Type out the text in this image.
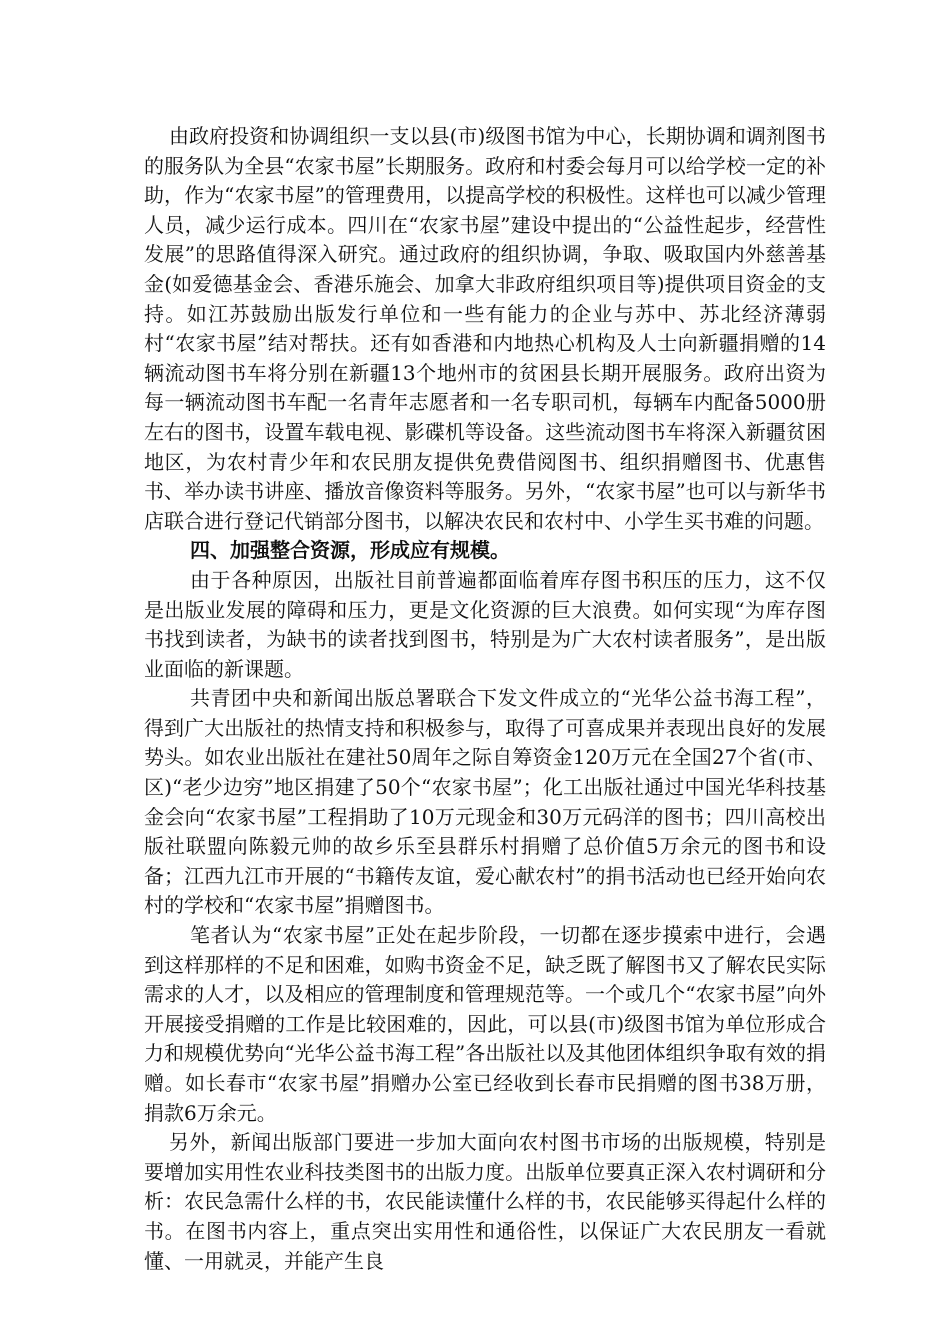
由政府投资和协调组织一支以县(市)级图书馆为中心，长期协调和调剂图书的服务队为全县“农家书屋”长期服务。政府和村委会每月可以给学校一定的补助，作为“农家书屋”的管理费用，以提高学校的积极性。这样也可以减少管理人员，减少运行成本。四川在“农家书屋”建设中提出的“公益性起步，经营性发展”的思路值得深入研究。通过政府的组织协调，争取、吸取国内外慈善基金(如爱德基金会、香港乐施会、加拿大非政府组织项目等)提供项目资金的支持。如江苏鼓励出版发行单位和一些有能力的企业与苏中、苏北经济薄弱村“农家书屋”结对帮扶。还有如香港和内地热心机构及人士向新疆捐赠的14辆流动图书车将分别在新疆13个地州市的贫困县长期开展服务。政府出资为每一辆流动图书车配一名青年志愿者和一名专职司机，每辆车内配备5000册左右的图书，设置车载电视、影碟机等设备。这些流动图书车将深入新疆贫困地区，为农村青少年和农民朋友提供免费借阅图书、组织捐赠图书、优惠售书、举办读书讲座、播放音像资料等服务。另外，“农家书屋”也可以与新华书店联合进行登记代销部分图书，以解决农民和农村中、小学生买书难的问题。

四、加强整合资源，形成应有规模。

由于各种原因，出版社目前普遍都面临着库存图书积压的压力，这不仅是出版业发展的障碍和压力，更是文化资源的巨大浪费。如何实现“为库存图书找到读者，为缺书的读者找到图书，特别是为广大农村读者服务”，是出版业面临的新课题。

共青团中央和新闻出版总署联合下发文件成立的“光华公益书海工程”，得到广大出版社的热情支持和积极参与，取得了可喜成果并表现出良好的发展势头。如农业出版社在建社50周年之际自筹资金120万元在全国27个省(市、区)“老少边穷”地区捐建了50个“农家书屋”；化工出版社通过中国光华科技基金会向“农家书屋”工程捐助了10万元现金和30万元码洋的图书；四川高校出版社联盟向陈毅元帅的故乡乐至县群乐村捐赠了总价值5万余元的图书和设备；江西九江市开展的“书籍传友谊，爱心献农村”的捐书活动也已经开始向农村的学校和“农家书屋”捐赠图书。

笔者认为“农家书屋”正处在起步阶段，一切都在逐步摸索中进行，会遇到这样那样的不足和困难，如购书资金不足，缺乏既了解图书又了解农民实际需求的人才，以及相应的管理制度和管理规范等。一个或几个“农家书屋”向外开展接受捐赠的工作是比较困难的，因此，可以县(市)级图书馆为单位形成合力和规模优势向“光华公益书海工程”各出版社以及其他团体组织争取有效的捐赠。如长春市“农家书屋”捐赠办公室已经收到长春市民捐赠的图书38万册，捐款6万余元。

另外，新闻出版部门要进一步加大面向农村图书市场的出版规模，特别是要增加实用性农业科技类图书的出版力度。出版单位要真正深入农村调研和分析：农民急需什么样的书，农民能读懂什么样的书，农民能够买得起什么样的书。在图书内容上，重点突出实用性和通俗性，以保证广大农民朋友一看就懂、一用就灵，并能产生良
